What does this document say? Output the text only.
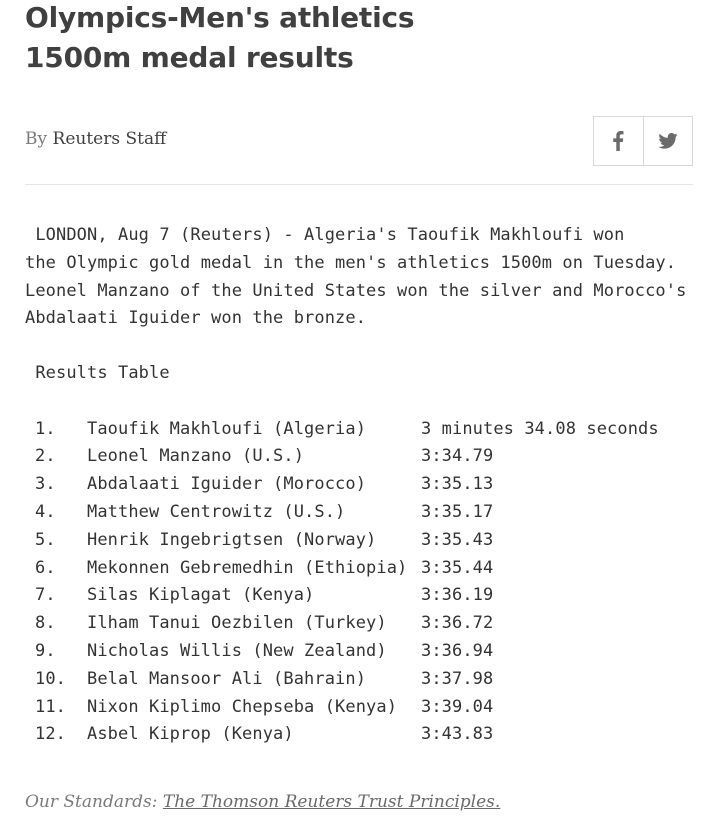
Olympics-Men's athletics
1500m medal results
By Reuters Staff
LONDON, Aug 7 (Reuters) - Algeria's Taoufik Makhloufi won
the Olympic gold medal in the men's athletics 1500m on Tuesday.
Leonel Manzano of the United States won the silver and Morocco's
Abdalaati Iguider won the bronze.
Results Table
1.	Taoufik Makhloufi (Algeria)	3 minutes 34.08 seconds
2.	Leonel Manzano (U.S.)	3:34.79
3.	Abdalaati Iguider (Morocco)	3:35.13
4.	Matthew Centrowitz (U.S.)	3:35.17
5.	Henrik Ingebrigtsen (Norway)	3:35.43
6.	Mekonnen Gebremedhin (Ethiopia) 3:35.44
7.	Silas Kiplagat (Kenya)	3:36.19
8.	Ilham Tanui Oezbilen (Turkey)	3:36.72
9.	Nicholas Willis (New Zealand)	3:36.94
10.	Belal Mansoor Ali (Bahrain)	3:37.98
11.	Nixon Kiplimo Chepseba (Kenya)	3:39.04
12.	Asbel Kiprop (Kenya)	3:43.83
Our Standards: The Thomson Reuters Trust Principles.
